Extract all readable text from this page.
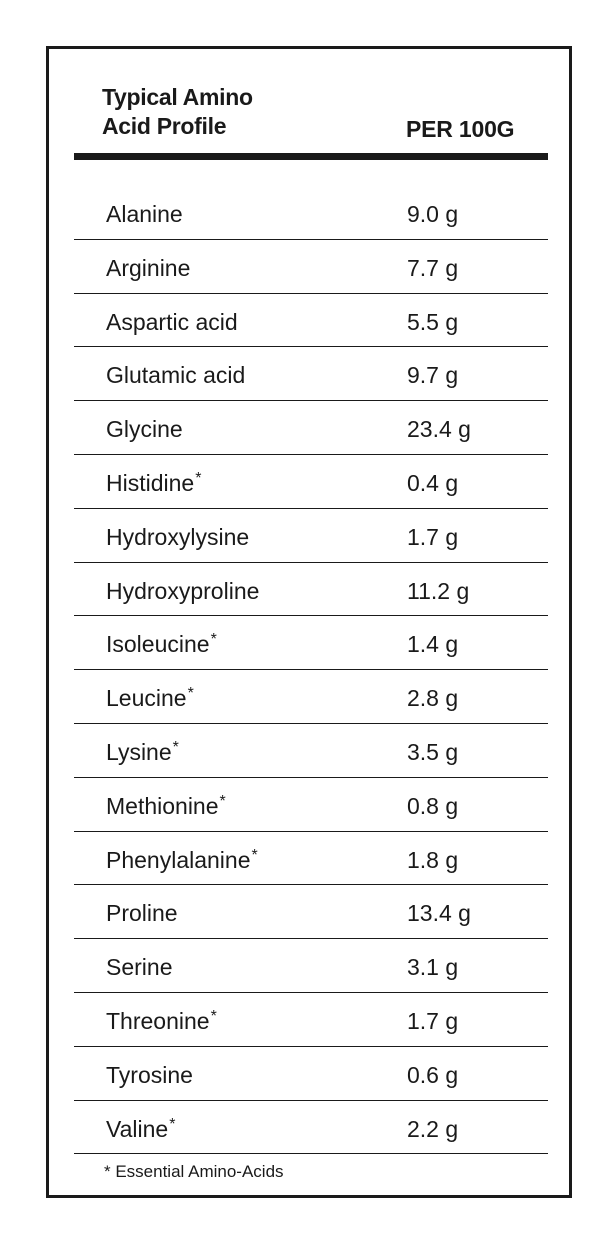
Typical Amino
Acid Profile	PER 100G
Alanine	9.0 g
Arginine	7.7 g
Aspartic acid	5.5 g
Glutamic acid	9.7 g
Glycine	23.4 g
Histidine*	0.4 g
Hydroxylysine	1.7 g
Hydroxyproline	11.2 g
Isoleucine*	1.4 g
Leucine*	2.8 g
Lysine*	3.5 g
Methionine*	0.8 g
Phenylalanine*	1.8 g
Proline	13.4 g
Serine	3.1 g
Threonine*	1.7 g
Tyrosine	0.6 g
Valine*	2.2 g
* Essential Amino-Acids
